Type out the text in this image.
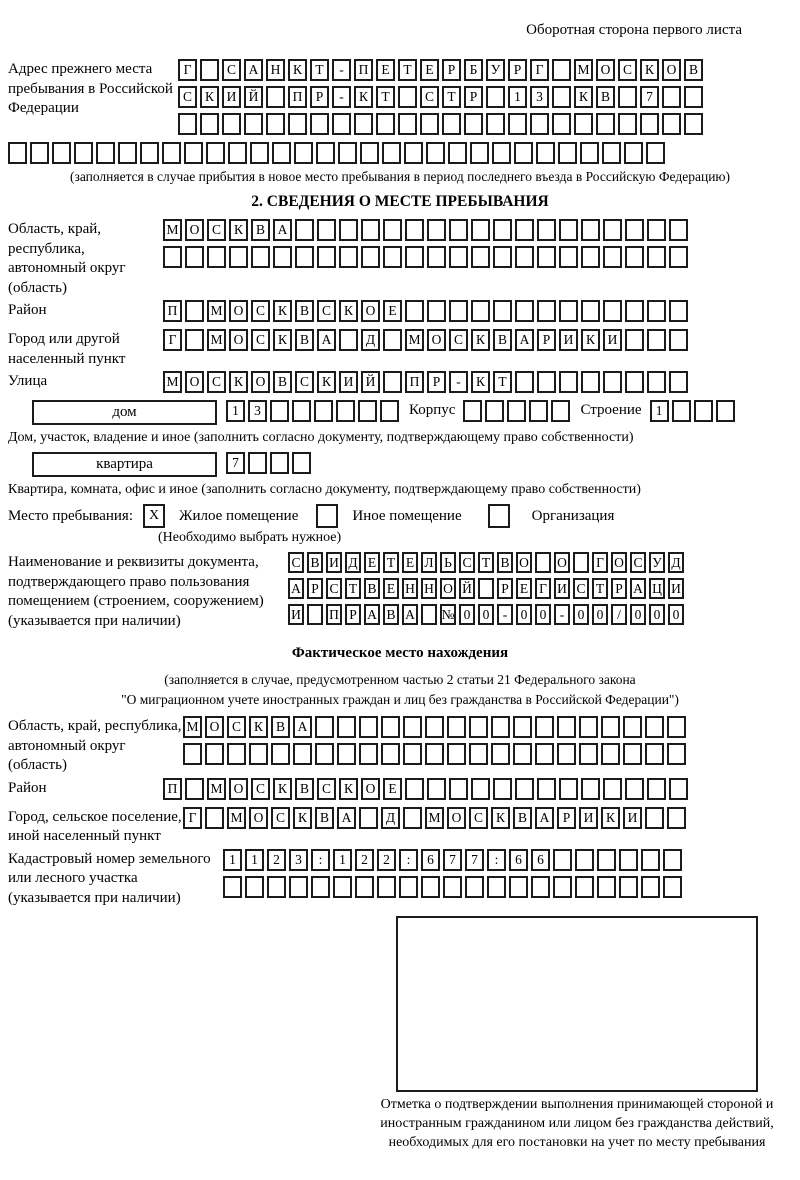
Оборотная сторона первого листа
Адрес прежнего места пребывания в Российской Федерации
Г	С А Н К Т	-	П Е	Т	Е	Р	Б У Р	Г	М О С К О В
С К И Й	П Р	-	К Т	С Т	Р	1	3	К В	7
(заполняется в случае прибытия в новое место пребывания в период последнего въезда в Российскую Федерацию)
2. СВЕДЕНИЯ О МЕСТЕ ПРЕБЫВАНИЯ
Область, край, республика, автономный округ (область)
М О С К В А
Район	П	М О С К В С К О Е
Город или другой населенный пункт
Г	М О С К В А	Д	М О С К В А Р И К И
Улица	М О С К О В С К И Й	П Р	-	К Т
дом	1	3	Корпус	Строение	1
Дом, участок, владение и иное (заполнить согласно документу, подтверждающему право собственности)
квартира	7
Квартира, комната, офис и иное (заполнить согласно документу, подтверждающему право собственности)
Место пребывания:	X	Жилое помещение	Иное помещение	Организация
(Необходимо выбрать нужное)
Наименование и реквизиты документа, подтверждающего право пользования помещением (строением, сооружением) (указывается при наличии)
С В И Д Е Т Е Л Ь С Т В О О	Г О С У Д
А Р С Т В Е Н Н О Й	Р Е Г И С Т Р А Ц И
И П Р А В А № 0 0 - 0 0 - 0 0	/	0 0 0
Фактическое место нахождения
(заполняется в случае, предусмотренном частью 2 статьи 21 Федерального закона
"О миграционном учете иностранных граждан и лиц без гражданства в Российской Федерации")
Область, край, республика, автономный округ (область)
М О С К В А
Район	П	М О С К В С К О Е
Город, сельское поселение, иной населенный пункт
Г	М О С К В А	Д	М О С К В А Р И К И
Кадастровый номер земельного или лесного участка (указывается при наличии)
1	1	2	3	:	1	2	2	:	6	7	7	:	6	6
Отметка о подтверждении выполнения принимающей стороной и иностранным гражданином или лицом без гражданства действий, необходимых для его постановки на учет по месту пребывания
